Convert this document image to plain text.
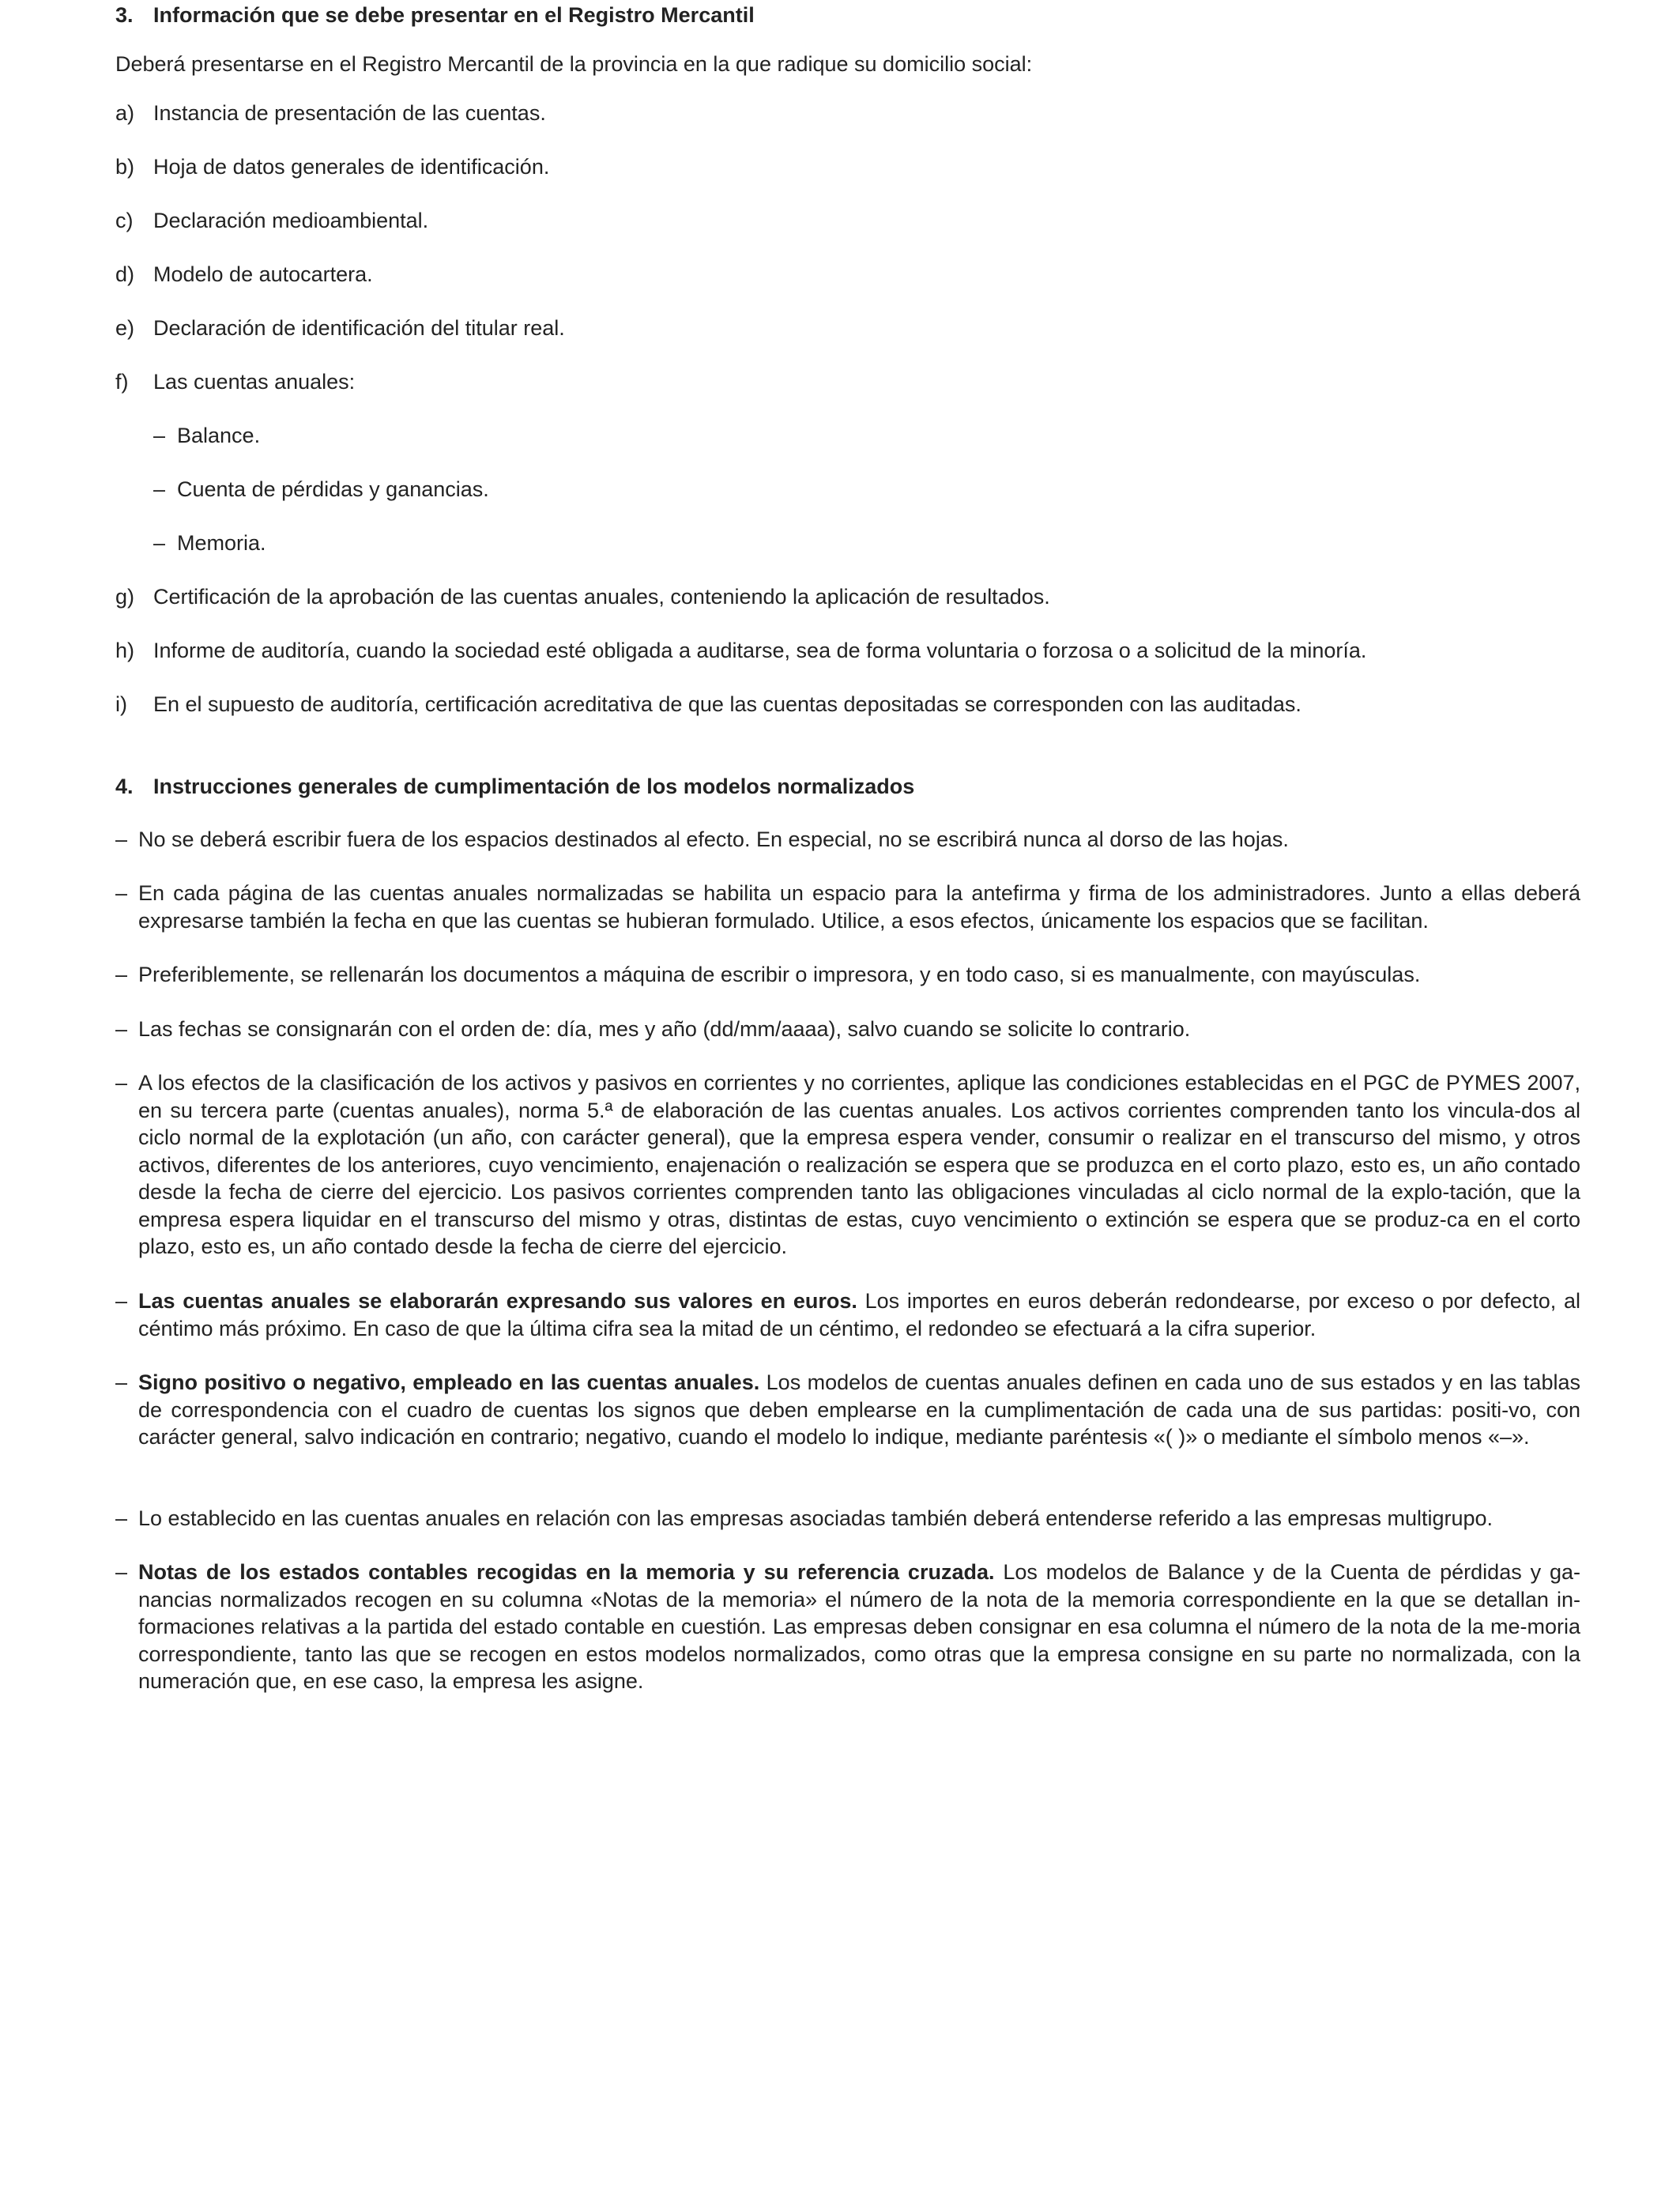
3. Información que se debe presentar en el Registro Mercantil

Deberá presentarse en el Registro Mercantil de la provincia en la que radique su domicilio social:

a) Instancia de presentación de las cuentas.
b) Hoja de datos generales de identificación.
c) Declaración medioambiental.
d) Modelo de autocartera.
e) Declaración de identificación del titular real.
f) Las cuentas anuales:
– Balance.
– Cuenta de pérdidas y ganancias.
– Memoria.
g) Certificación de la aprobación de las cuentas anuales, conteniendo la aplicación de resultados.
h) Informe de auditoría, cuando la sociedad esté obligada a auditarse, sea de forma voluntaria o forzosa o a solicitud de la minoría.
i) En el supuesto de auditoría, certificación acreditativa de que las cuentas depositadas se corresponden con las auditadas.
4. Instrucciones generales de cumplimentación de los modelos normalizados
– No se deberá escribir fuera de los espacios destinados al efecto. En especial, no se escribirá nunca al dorso de las hojas.
– En cada página de las cuentas anuales normalizadas se habilita un espacio para la antefirma y firma de los administradores. Junto a ellas deberá expresarse también la fecha en que las cuentas se hubieran formulado. Utilice, a esos efectos, únicamente los espacios que se facilitan.
– Preferiblemente, se rellenarán los documentos a máquina de escribir o impresora, y en todo caso, si es manualmente, con mayúsculas.
– Las fechas se consignarán con el orden de: día, mes y año (dd/mm/aaaa), salvo cuando se solicite lo contrario.
– A los efectos de la clasificación de los activos y pasivos en corrientes y no corrientes, aplique las condiciones establecidas en el PGC de PYMES 2007, en su tercera parte (cuentas anuales), norma 5.ª de elaboración de las cuentas anuales. Los activos corrientes comprenden tanto los vincula-dos al ciclo normal de la explotación (un año, con carácter general), que la empresa espera vender, consumir o realizar en el transcurso del mismo, y otros activos, diferentes de los anteriores, cuyo vencimiento, enajenación o realización se espera que se produzca en el corto plazo, esto es, un año contado desde la fecha de cierre del ejercicio. Los pasivos corrientes comprenden tanto las obligaciones vinculadas al ciclo normal de la explo-tación, que la empresa espera liquidar en el transcurso del mismo y otras, distintas de estas, cuyo vencimiento o extinción se espera que se produz-ca en el corto plazo, esto es, un año contado desde la fecha de cierre del ejercicio.
– Las cuentas anuales se elaborarán expresando sus valores en euros. Los importes en euros deberán redondearse, por exceso o por defecto, al céntimo más próximo. En caso de que la última cifra sea la mitad de un céntimo, el redondeo se efectuará a la cifra superior.
– Signo positivo o negativo, empleado en las cuentas anuales. Los modelos de cuentas anuales definen en cada uno de sus estados y en las tablas de correspondencia con el cuadro de cuentas los signos que deben emplearse en la cumplimentación de cada una de sus partidas: positi-vo, con carácter general, salvo indicación en contrario; negativo, cuando el modelo lo indique, mediante paréntesis «( )» o mediante el símbolo menos «–».
– Lo establecido en las cuentas anuales en relación con las empresas asociadas también deberá entenderse referido a las empresas multigrupo.
– Notas de los estados contables recogidas en la memoria y su referencia cruzada. Los modelos de Balance y de la Cuenta de pérdidas y ga-nancias normalizados recogen en su columna «Notas de la memoria» el número de la nota de la memoria correspondiente en la que se detallan in-formaciones relativas a la partida del estado contable en cuestión. Las empresas deben consignar en esa columna el número de la nota de la me-moria correspondiente, tanto las que se recogen en estos modelos normalizados, como otras que la empresa consigne en su parte no normalizada, con la numeración que, en ese caso, la empresa les asigne.
